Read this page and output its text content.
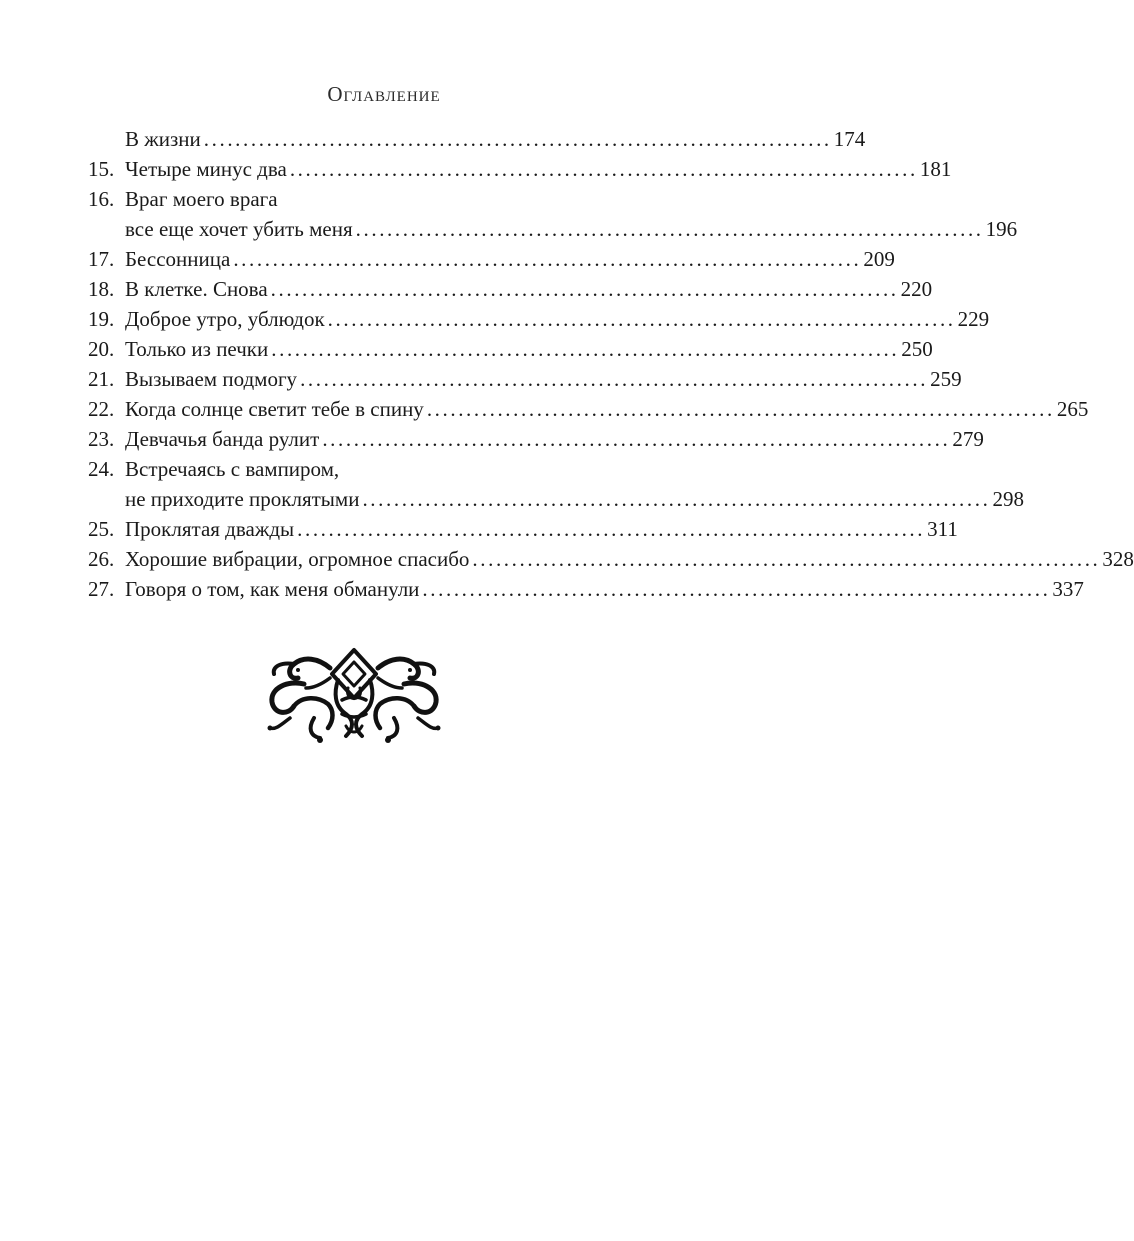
Оглавление
В жизни ................................................................................ 174
15. Четыре минус два ................................................................................ 181
16. Враг моего врага
все еще хочет убить меня ................................................................................ 196
17. Бессонница ................................................................................ 209
18. В клетке. Снова ................................................................................ 220
19. Доброе утро, ублюдок ................................................................................ 229
20. Только из печки ................................................................................ 250
21. Вызываем подмогу ................................................................................ 259
22. Когда солнце светит тебе в спину ................................................................................ 265
23. Девчачья банда рулит ................................................................................ 279
24. Встречаясь с вампиром,
не приходите проклятыми ................................................................................ 298
25. Проклятая дважды ................................................................................ 311
26. Хорошие вибрации, огромное спасибо ................................................................................ 328
27. Говоря о том, как меня обманули ................................................................................ 337
